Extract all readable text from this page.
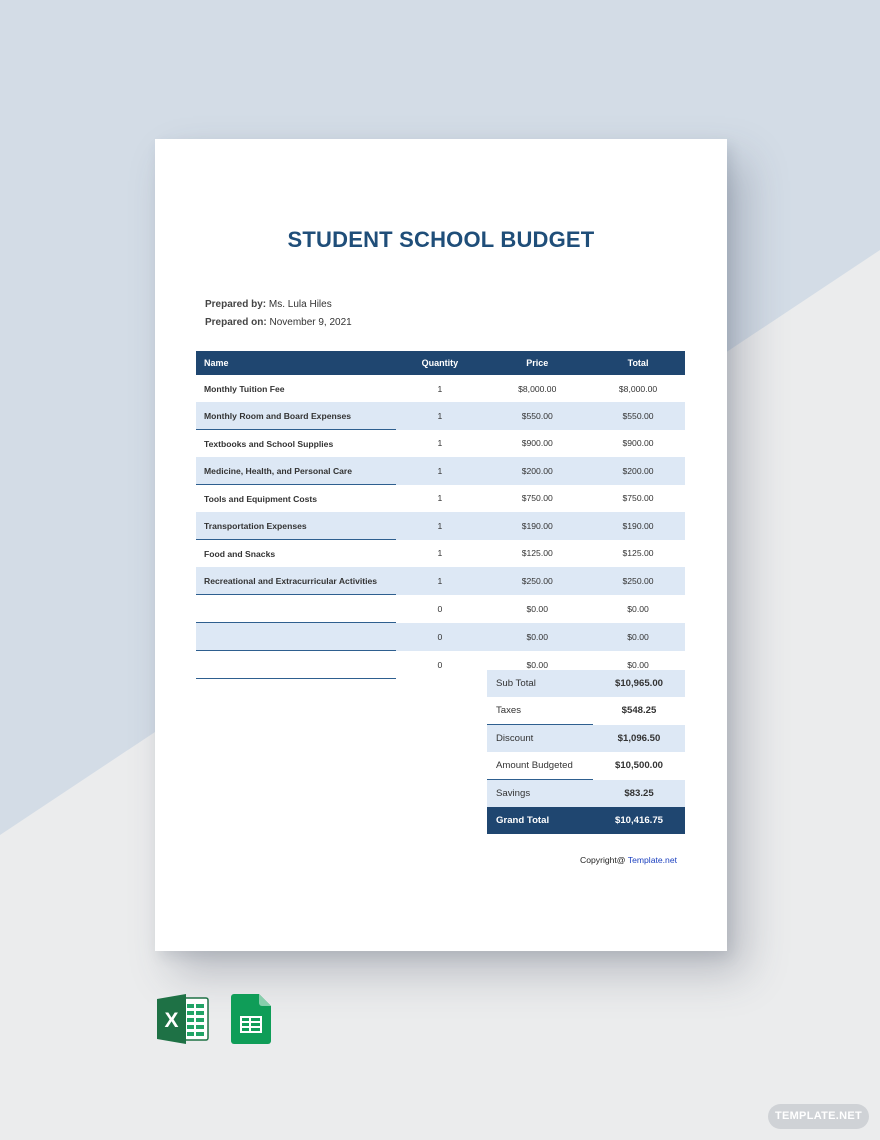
STUDENT SCHOOL BUDGET
Prepared by: Ms. Lula Hiles
Prepared on: November 9, 2021
Name	Quantity	Price	Total
Monthly Tuition Fee	1	$8,000.00	$8,000.00
Monthly Room and Board Expenses	1	$550.00	$550.00
Textbooks and School Supplies	1	$900.00	$900.00
Medicine, Health, and Personal Care	1	$200.00	$200.00
Tools and Equipment Costs	1	$750.00	$750.00
Transportation Expenses	1	$190.00	$190.00
Food and Snacks	1	$125.00	$125.00
Recreational and Extracurricular Activities	1	$250.00	$250.00
	0	$0.00	$0.00
	0	$0.00	$0.00
	0	$0.00	$0.00
Sub Total	$10,965.00
Taxes	$548.25
Discount	$1,096.50
Amount Budgeted	$10,500.00
Savings	$83.25
Grand Total	$10,416.75
Copyright@ Template.net
X
TEMPLATE.NET
